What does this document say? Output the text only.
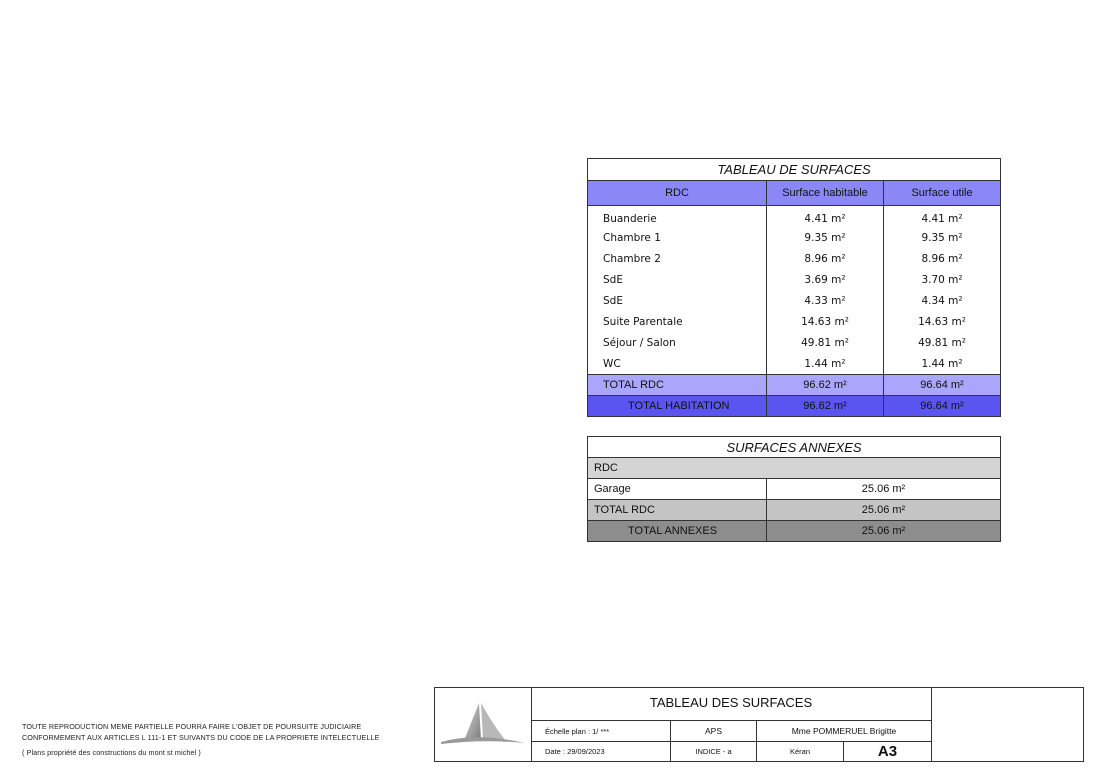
TABLEAU DE SURFACES		
RDC	Surface habitable	Surface utile
Buanderie	4.41 m²	4.41 m²
Chambre 1	9.35 m²	9.35 m²
Chambre 2	8.96 m²	8.96 m²
SdE	3.69 m²	3.70 m²
SdE	4.33 m²	4.34 m²
Suite Parentale	14.63 m²	14.63 m²
Séjour / Salon	49.81 m²	49.81 m²
WC	1.44 m²	1.44 m²
TOTAL RDC	96.62 m²	96.64 m²
TOTAL HABITATION	96.62 m²	96.64 m²
SURFACES ANNEXES	
RDC	
Garage	25.06 m²
TOTAL RDC	25.06 m²
TOTAL ANNEXES	25.06 m²
TOUTE REPRODUCTION MEME PARTIELLE POURRA FAIRE L'OBJET DE POURSUITE JUDICIAIRE
CONFORMEMENT AUX ARTICLES L 111-1 ET SUIVANTS DU CODE DE LA PROPRIETE INTELECTUELLE
( Plans propriété des constructions du mont st michel )
TABLEAU DES SURFACES
Échelle plan : 1/ ***	APS	Mme POMMERUEL Brigitte
Date : 29/09/2023	INDICE - a	Kéran	A3
